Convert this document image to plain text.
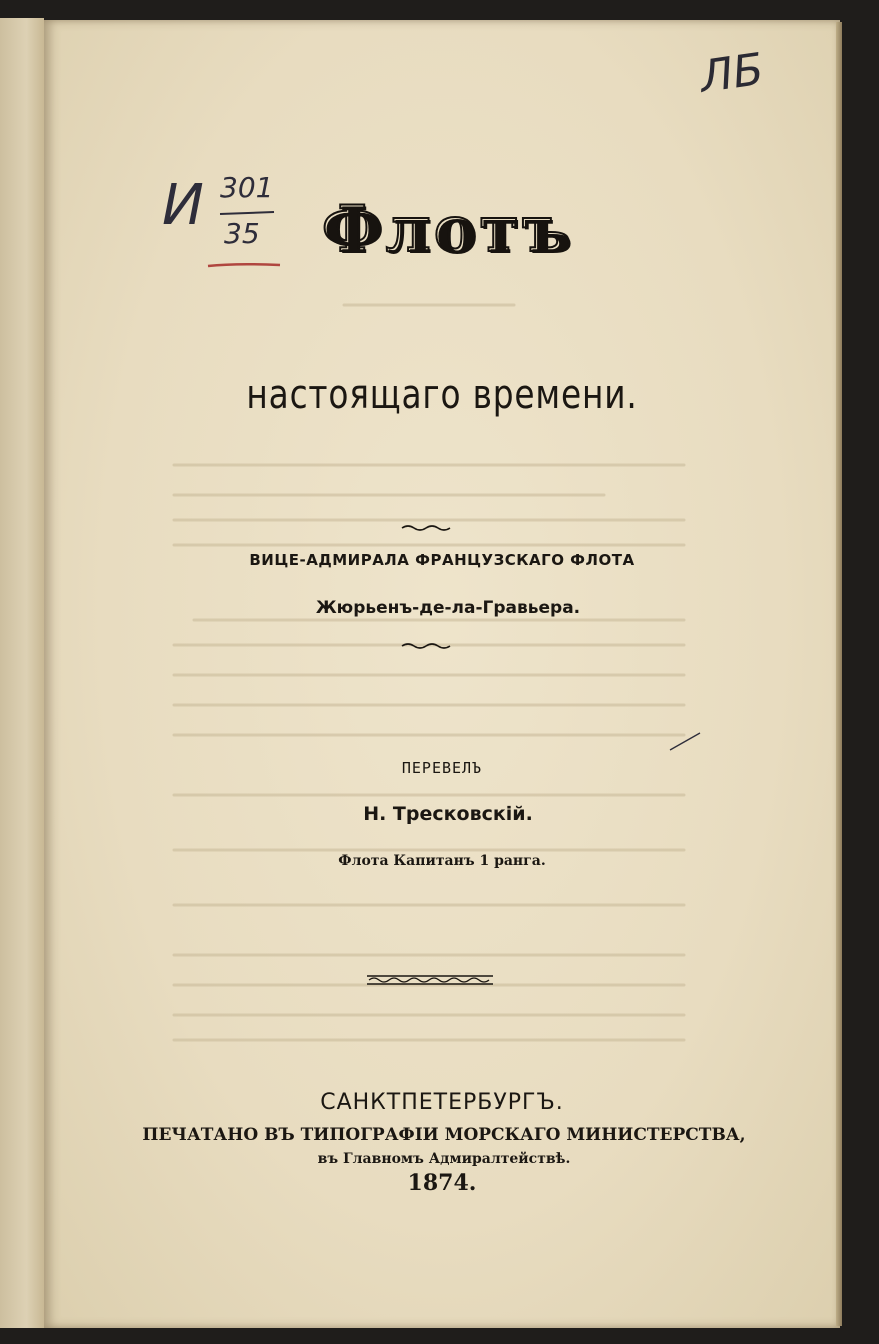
ЛБ
И 301
35 Флотъ
настоящаго времени.
ВИЦЕ-АДМИРАЛА ФРАНЦУЗСКАГО ФЛОТА
Жюрьенъ-де-ла-Гравьера.
ПЕРЕВЕЛЪ
Н. Тресковскій.
Флота Капитанъ 1 ранга.
САНКТПЕТЕРБУРГЪ.
ПЕЧАТАНО ВЪ ТИПОГРАФІИ МОРСКАГО МИНИСТЕРСТВА,
въ Главномъ Адмиралтействѣ.
1874.
